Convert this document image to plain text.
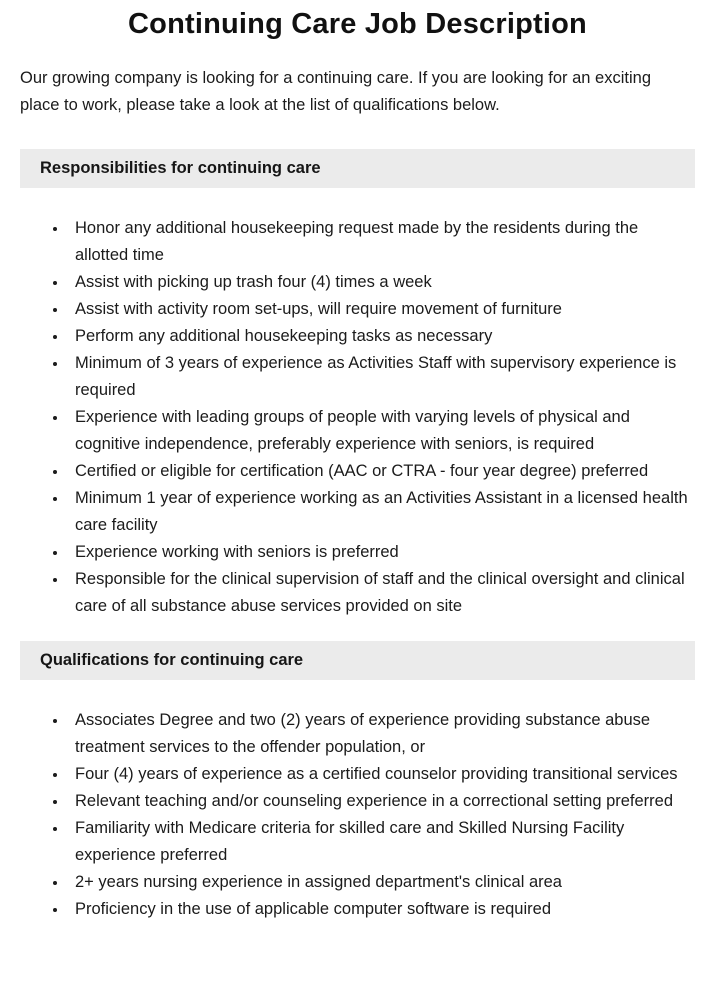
Continuing Care Job Description

Our growing company is looking for a continuing care. If you are looking for an exciting place to work, please take a look at the list of qualifications below.

Responsibilities for continuing care
• Honor any additional housekeeping request made by the residents during the allotted time
• Assist with picking up trash four (4) times a week
• Assist with activity room set-ups, will require movement of furniture
• Perform any additional housekeeping tasks as necessary
• Minimum of 3 years of experience as Activities Staff with supervisory experience is required
• Experience with leading groups of people with varying levels of physical and cognitive independence, preferably experience with seniors, is required
• Certified or eligible for certification (AAC or CTRA - four year degree) preferred
• Minimum 1 year of experience working as an Activities Assistant in a licensed health care facility
• Experience working with seniors is preferred
• Responsible for the clinical supervision of staff and the clinical oversight and clinical care of all substance abuse services provided on site
Qualifications for continuing care
• Associates Degree and two (2) years of experience providing substance abuse treatment services to the offender population, or
• Four (4) years of experience as a certified counselor providing transitional services
• Relevant teaching and/or counseling experience in a correctional setting preferred
• Familiarity with Medicare criteria for skilled care and Skilled Nursing Facility experience preferred
• 2+ years nursing experience in assigned department's clinical area
• Proficiency in the use of applicable computer software is required
